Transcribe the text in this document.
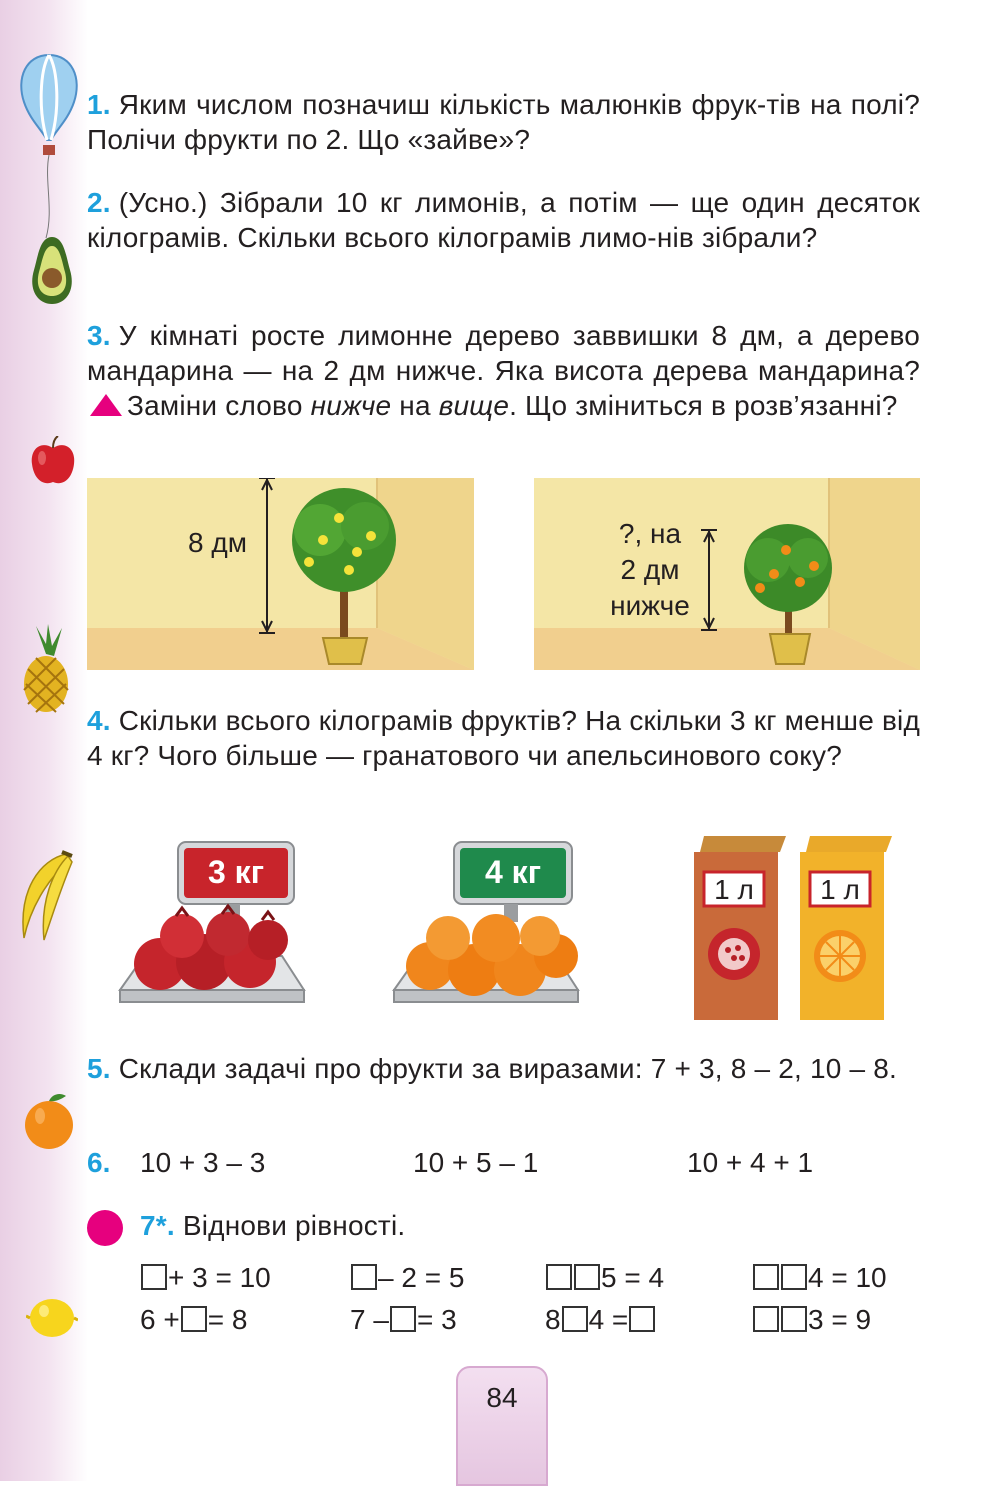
1. Яким числом позначиш кількість малюнків фрук-тів на полі? Полічи фрукти по 2. Що «зайве»?
2. (Усно.) Зібрали 10 кг лимонів, а потім — ще один десяток кілограмів. Скільки всього кілограмів лимо-нів зібрали?
3. У кімнаті росте лимонне дерево заввишки 8 дм, а дерево мандарина — на 2 дм нижче. Яка висота дерева мандарина? Заміни слово нижче на вище. Що зміниться в розв’язанні?
4. Скільки всього кілограмів фруктів? На скільки 3 кг менше від 4 кг? Чого більше — гранатового чи апельсинового соку?
5. Склади задачі про фрукти за виразами: 7 + 3, 8 – 2, 10 – 8.
8 дм	?, на
2 дм
нижче
3 кг	4 кг	1 л	1 л
6. 10 + 3 – 3	10 + 5 – 1	10 + 4 + 1
7*. Віднови рівності.
+ 3 = 10	– 2 = 5	5 = 4	4 = 10
6 + = 8	7 – = 3	8 4 =	3 = 9
84
